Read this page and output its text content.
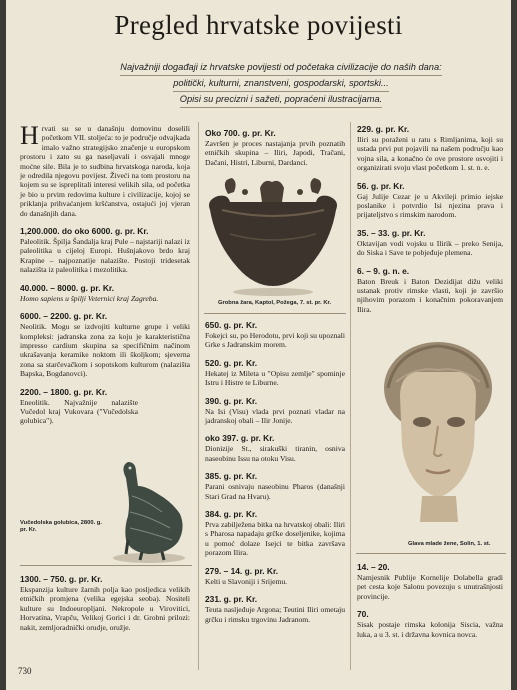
Pregled hrvatske povijesti
Najvažniji događaji iz hrvatske povijesti od početaka civilizacije do naših dana:
politički, kulturni, znanstveni, gospodarski, sportski...
Opisi su precizni i sažeti, popraćeni ilustracijama.
H rvati su se u današnju domovinu doselili početkom VII. stoljeća: to je područje odvajkada imalo važno strategijsko značenje u europskom prostoru i zato su ga naseljavali i osvajali mnoge moćne sile. Bila je to sudbina hrvatskoga naroda, koja je odredila njegovu povijest. Živeći na tom prostoru na kojem su se ispreplitali interesi velikih sila, od početka je bio u prvim redovima kulture i civilizacije, kojoj se priklanja prihvaćanjem kršćanstva, ostajući joj vjeran do današnjih dana.
1,200.000. do oko 6000. g. pr. Kr.
Paleolitik. Špilja Šandalja kraj Pule – najstariji nalazi iz paleolitika u cijeloj Europi. Hušnjakovo brdo kraj Krapine – najpoznatije nalazište. Postoji tridesetak nalazišta iz paleolitika i mezolitika.
40.000. – 8000. g. pr. Kr.
Homo sapiens u špilji Veternici kraj Zagreba.
6000. – 2200. g. pr. Kr.
Neolitik. Mogu se izdvojiti kulturne grupe i veliki kompleksi: jadranska zona za koju je karakteristična impresso cardium skupina sa specifičnim načinom ukrašavanja keramike noktom ili školjkom; sjeverna zona sa starčevačkom i sopotskom kulturom (nalazišta Bapska, Bogdanovci).
2200. – 1800. g. pr. Kr.
Eneolitik. Najvažnije nalazište Vučedol kraj Vukovara ("Vučedolska golubica").
Vučedolska golubica, 2800. g. pr. Kr.
1300. – 750. g. pr. Kr.
Ekspanzija kulture žarnih polja kao posljedica velikih etničkih promjena (velika egejska seoba). Nositeli kulture su Indoeuropljani. Nekropole u Virovitici, Horvatina, Vrapču, Velikoj Gorici i dr. Grobni prilozi: nakit, zemljoradnički orudje, oružje.
Oko 700. g. pr. Kr.
Završen je proces nastajanja prvih poznatih etničkih skupina – Iliri, Japodi, Tračani, Dačani, Histri, Liburni, Dardanci.
Grobna žara, Kaptol, Požega, 7. st. pr. Kr.
650. g. pr. Kr.
Fokejci su, po Herodotu, prvi koji su upoznali Grke s Jadranskim morem.
520. g. pr. Kr.
Hekatej iz Mileta u "Opisu zemlje" spominje Istru i Histre te Liburne.
390. g. pr. Kr.
Na Isi (Visu) vlada prvi poznati vladar na jadranskoj obali – Ilir Jonije.
oko 397. g. pr. Kr.
Dionizije St., sirakuški tiranin, osniva naseobinu Issu na otoku Visu.
385. g. pr. Kr.
Parani osnivaju naseobinu Pharos (današnji Stari Grad na Hvaru).
384. g. pr. Kr.
Prva zabilježena bitka na hrvatskoj obali: Iliri s Pharosa napadaju grčke doseljenike, kojima u pomoć dolaze Isejci te bitka završava porazom Ilira.
279. – 14. g. pr. Kr.
Kelti u Slavoniji i Srijemu.
231. g. pr. Kr.
Teuta nasljeđuje Argona; Teutini Iliri ometaju grčku i rimsku trgovinu Jadranom.
229. g. pr. Kr.
Iliri su poraženi u ratu s Rimljanima, koji su ustada prvi put pojavili na našem području kao vojna sila, a konačno će ove prostore osvojiti i organizirati svoju vlast početkom 1. st. n. e.
56. g. pr. Kr.
Gaj Julije Cezar je u Akvileji primio iejske poslanike i potvrdio Isi njezina prava i prijateljstvo s rimskim narodom.
35. – 33. g. pr. Kr.
Oktavijan vodi vojsku u Ilirik – preko Senija, do Siska i Save te pobjeđuje plemena.
6. – 9. g. n. e.
Baton Breuk i Baton Dezidijat dižu veliki ustanak protiv rimske vlasti, koji je završio njihovim porazom i konačnim pokoravanjem Ilira.
Glava mlade žene, Solin, 1. st.
14. – 20.
Namjesnik Publije Kornelije Dolabella gradi pet cesta koje Salonu povezuju s unutrašnjosti provincije.
70.
Sisak postaje rimska kolonija Siscia, važna luka, a u 3. st. i državna kovnica novca.
730
